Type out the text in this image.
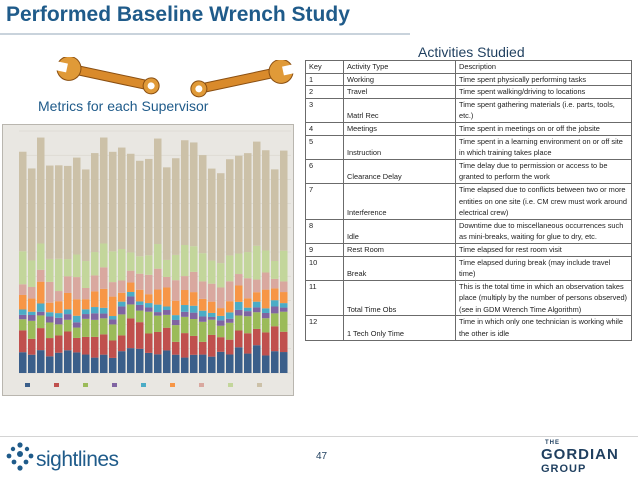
Performed Baseline Wrench Study
Metrics for each Supervisor
Activities Studied
Key	Activity Type	Description
1	Working	Time spent physically performing tasks
2	Travel	Time spent walking/driving to locations
3	Matrl Rec	Time spent gathering materials (i.e. parts, tools, etc.)
4	Meetings	Time spent in meetings on or off the jobsite
5	Instruction	Time spent in a learning environment on or off site in which training takes place
6	Clearance Delay	Time delay due to permission or access to be granted to perform the work
7	Interference	Time elapsed due to conflicts between two or more entities on one site (i.e. CM crew must work around electrical crew)
8	Idle	Downtime due to miscellaneous occurrences such as mini-breaks, waiting for glue to dry, etc.
9	Rest Room	Time elapsed for rest room visit
10	Break	Time elapsed during break (may include travel time)
11	Total Time Obs	This is the total time in which an observation takes place (multiply by the number of persons observed) (see in GDM Wrench Time Algorithm)
12	1 Tech Only Time	Time in which only one technician is working while the other is idle
sightlines	47
THE
GORDIAN
GROUP
